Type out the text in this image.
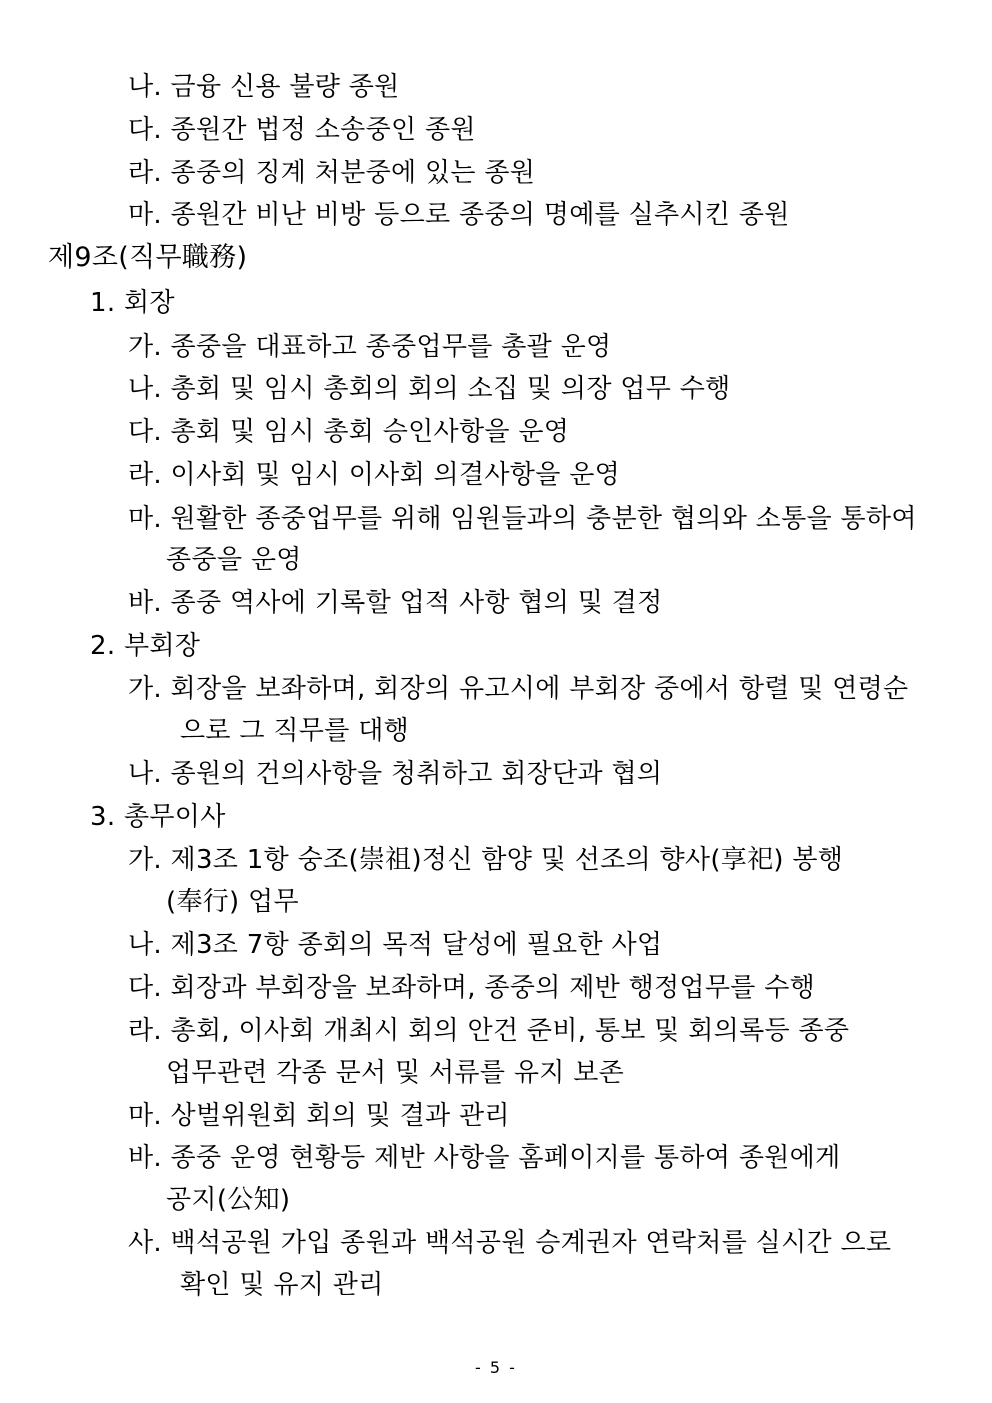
나. 금융 신용 불량 종원
다. 종원간 법정 소송중인 종원
라. 종중의 징계 처분중에 있는 종원
마. 종원간 비난 비방 등으로 종중의 명예를 실추시킨 종원
제9조(직무職務)
1. 회장
가. 종중을 대표하고 종중업무를 총괄 운영
나. 총회 및 임시 총회의 회의 소집 및 의장 업무 수행
다. 총회 및 임시 총회 승인사항을 운영
라. 이사회 및 임시 이사회 의결사항을 운영
마. 원활한 종중업무를 위해 임원들과의 충분한 협의와 소통을 통하여
종중을 운영
바. 종중 역사에 기록할 업적 사항 협의 및 결정
2. 부회장
가. 회장을 보좌하며, 회장의 유고시에 부회장 중에서 항렬 및 연령순
으로 그 직무를 대행
나. 종원의 건의사항을 청취하고 회장단과 협의
3. 총무이사
가. 제3조 1항 숭조(崇祖)정신 함양 및 선조의 향사(享祀) 봉행
(奉行) 업무
나. 제3조 7항 종회의 목적 달성에 필요한 사업
다. 회장과 부회장을 보좌하며, 종중의 제반 행정업무를 수행
라. 총회, 이사회 개최시 회의 안건 준비, 통보 및 회의록등 종중
업무관련 각종 문서 및 서류를 유지 보존
마. 상벌위원회 회의 및 결과 관리
바. 종중 운영 현황등 제반 사항을 홈페이지를 통하여 종원에게
공지(公知)
사. 백석공원 가입 종원과 백석공원 승계권자 연락처를 실시간 으로
확인 및 유지 관리
- 5 -
